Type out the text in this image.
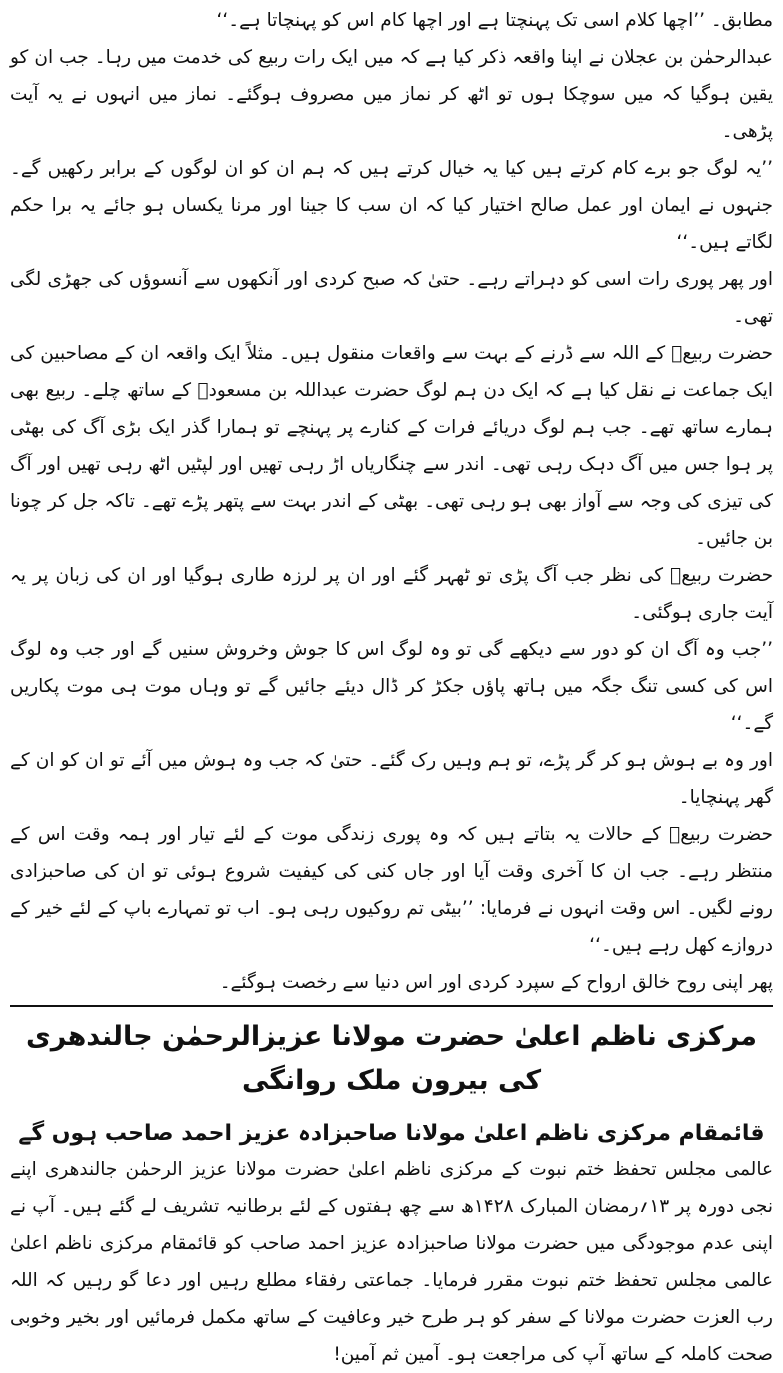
مطابق۔ ’’اچھا کلام اسی تک پہنچتا ہے اور اچھا کام اس کو پہنچاتا ہے۔‘‘

عبدالرحمٰن بن عجلان نے اپنا واقعہ ذکر کیا ہے کہ میں ایک رات ربیع کی خدمت میں رہا۔ جب ان کو یقین ہوگیا کہ میں سوچکا ہوں تو اٹھ کر نماز میں مصروف ہوگئے۔ نماز میں انہوں نے یہ آیت پڑھی۔

’’یہ لوگ جو برے کام کرتے ہیں کیا یہ خیال کرتے ہیں کہ ہم ان کو ان لوگوں کے برابر رکھیں گے۔ جنہوں نے ایمان اور عمل صالح اختیار کیا کہ ان سب کا جینا اور مرنا یکساں ہو جائے یہ برا حکم لگاتے ہیں۔‘‘

اور پھر پوری رات اسی کو دہراتے رہے۔ حتیٰ کہ صبح کردی اور آنکھوں سے آنسوؤں کی جھڑی لگی تھی۔

حضرت ربیعؒ کے اللہ سے ڈرنے کے بہت سے واقعات منقول ہیں۔ مثلاً ایک واقعہ ان کے مصاحبین کی ایک جماعت نے نقل کیا ہے کہ ایک دن ہم لوگ حضرت عبداللہ بن مسعودؓ کے ساتھ چلے۔ ربیع بھی ہمارے ساتھ تھے۔ جب ہم لوگ دریائے فرات کے کنارے پر پہنچے تو ہمارا گذر ایک بڑی آگ کی بھٹی پر ہوا جس میں آگ دہک رہی تھی۔ اندر سے چنگاریاں اڑ رہی تھیں اور لپٹیں اٹھ رہی تھیں اور آگ کی تیزی کی وجہ سے آواز بھی ہو رہی تھی۔ بھٹی کے اندر بہت سے پتھر پڑے تھے۔ تاکہ جل کر چونا بن جائیں۔

حضرت ربیعؒ کی نظر جب آگ پڑی تو ٹھہر گئے اور ان پر لرزہ طاری ہوگیا اور ان کی زبان پر یہ آیت جاری ہوگئی۔

’’جب وہ آگ ان کو دور سے دیکھے گی تو وہ لوگ اس کا جوش وخروش سنیں گے اور جب وہ لوگ اس کی کسی تنگ جگہ میں ہاتھ پاؤں جکڑ کر ڈال دیئے جائیں گے تو وہاں موت ہی موت پکاریں گے۔‘‘

اور وہ بے ہوش ہو کر گر پڑے، تو ہم وہیں رک گئے۔ حتیٰ کہ جب وہ ہوش میں آئے تو ان کو ان کے گھر پہنچایا۔

حضرت ربیعؒ کے حالات یہ بتاتے ہیں کہ وہ پوری زندگی موت کے لئے تیار اور ہمہ وقت اس کے منتظر رہے۔ جب ان کا آخری وقت آیا اور جاں کنی کی کیفیت شروع ہوئی تو ان کی صاحبزادی رونے لگیں۔ اس وقت انہوں نے فرمایا: ’’بیٹی تم روکیوں رہی ہو۔ اب تو تمہارے باپ کے لئے خیر کے دروازے کھل رہے ہیں۔‘‘

پھر اپنی روح خالق ارواح کے سپرد کردی اور اس دنیا سے رخصت ہوگئے۔

مرکزی ناظم اعلیٰ حضرت مولانا عزیزالرحمٰن جالندھری کی بیرون ملک روانگی
قائمقام مرکزی ناظم اعلیٰ مولانا صاحبزادہ عزیز احمد صاحب ہوں گے

عالمی مجلس تحفظ ختم نبوت کے مرکزی ناظم اعلیٰ حضرت مولانا عزیز الرحمٰن جالندھری اپنے نجی دورہ پر ۱۳؍رمضان المبارک ۱۴۲۸ھ سے چھ ہفتوں کے لئے برطانیہ تشریف لے گئے ہیں۔ آپ نے اپنی عدم موجودگی میں حضرت مولانا صاحبزادہ عزیز احمد صاحب کو قائمقام مرکزی ناظم اعلیٰ عالمی مجلس تحفظ ختم نبوت مقرر فرمایا۔ جماعتی رفقاء مطلع رہیں اور دعا گو رہیں کہ اللہ رب العزت حضرت مولانا کے سفر کو ہر طرح خیر وعافیت کے ساتھ مکمل فرمائیں اور بخیر وخوبی صحت کاملہ کے ساتھ آپ کی مراجعت ہو۔ آمین ثم آمین!
